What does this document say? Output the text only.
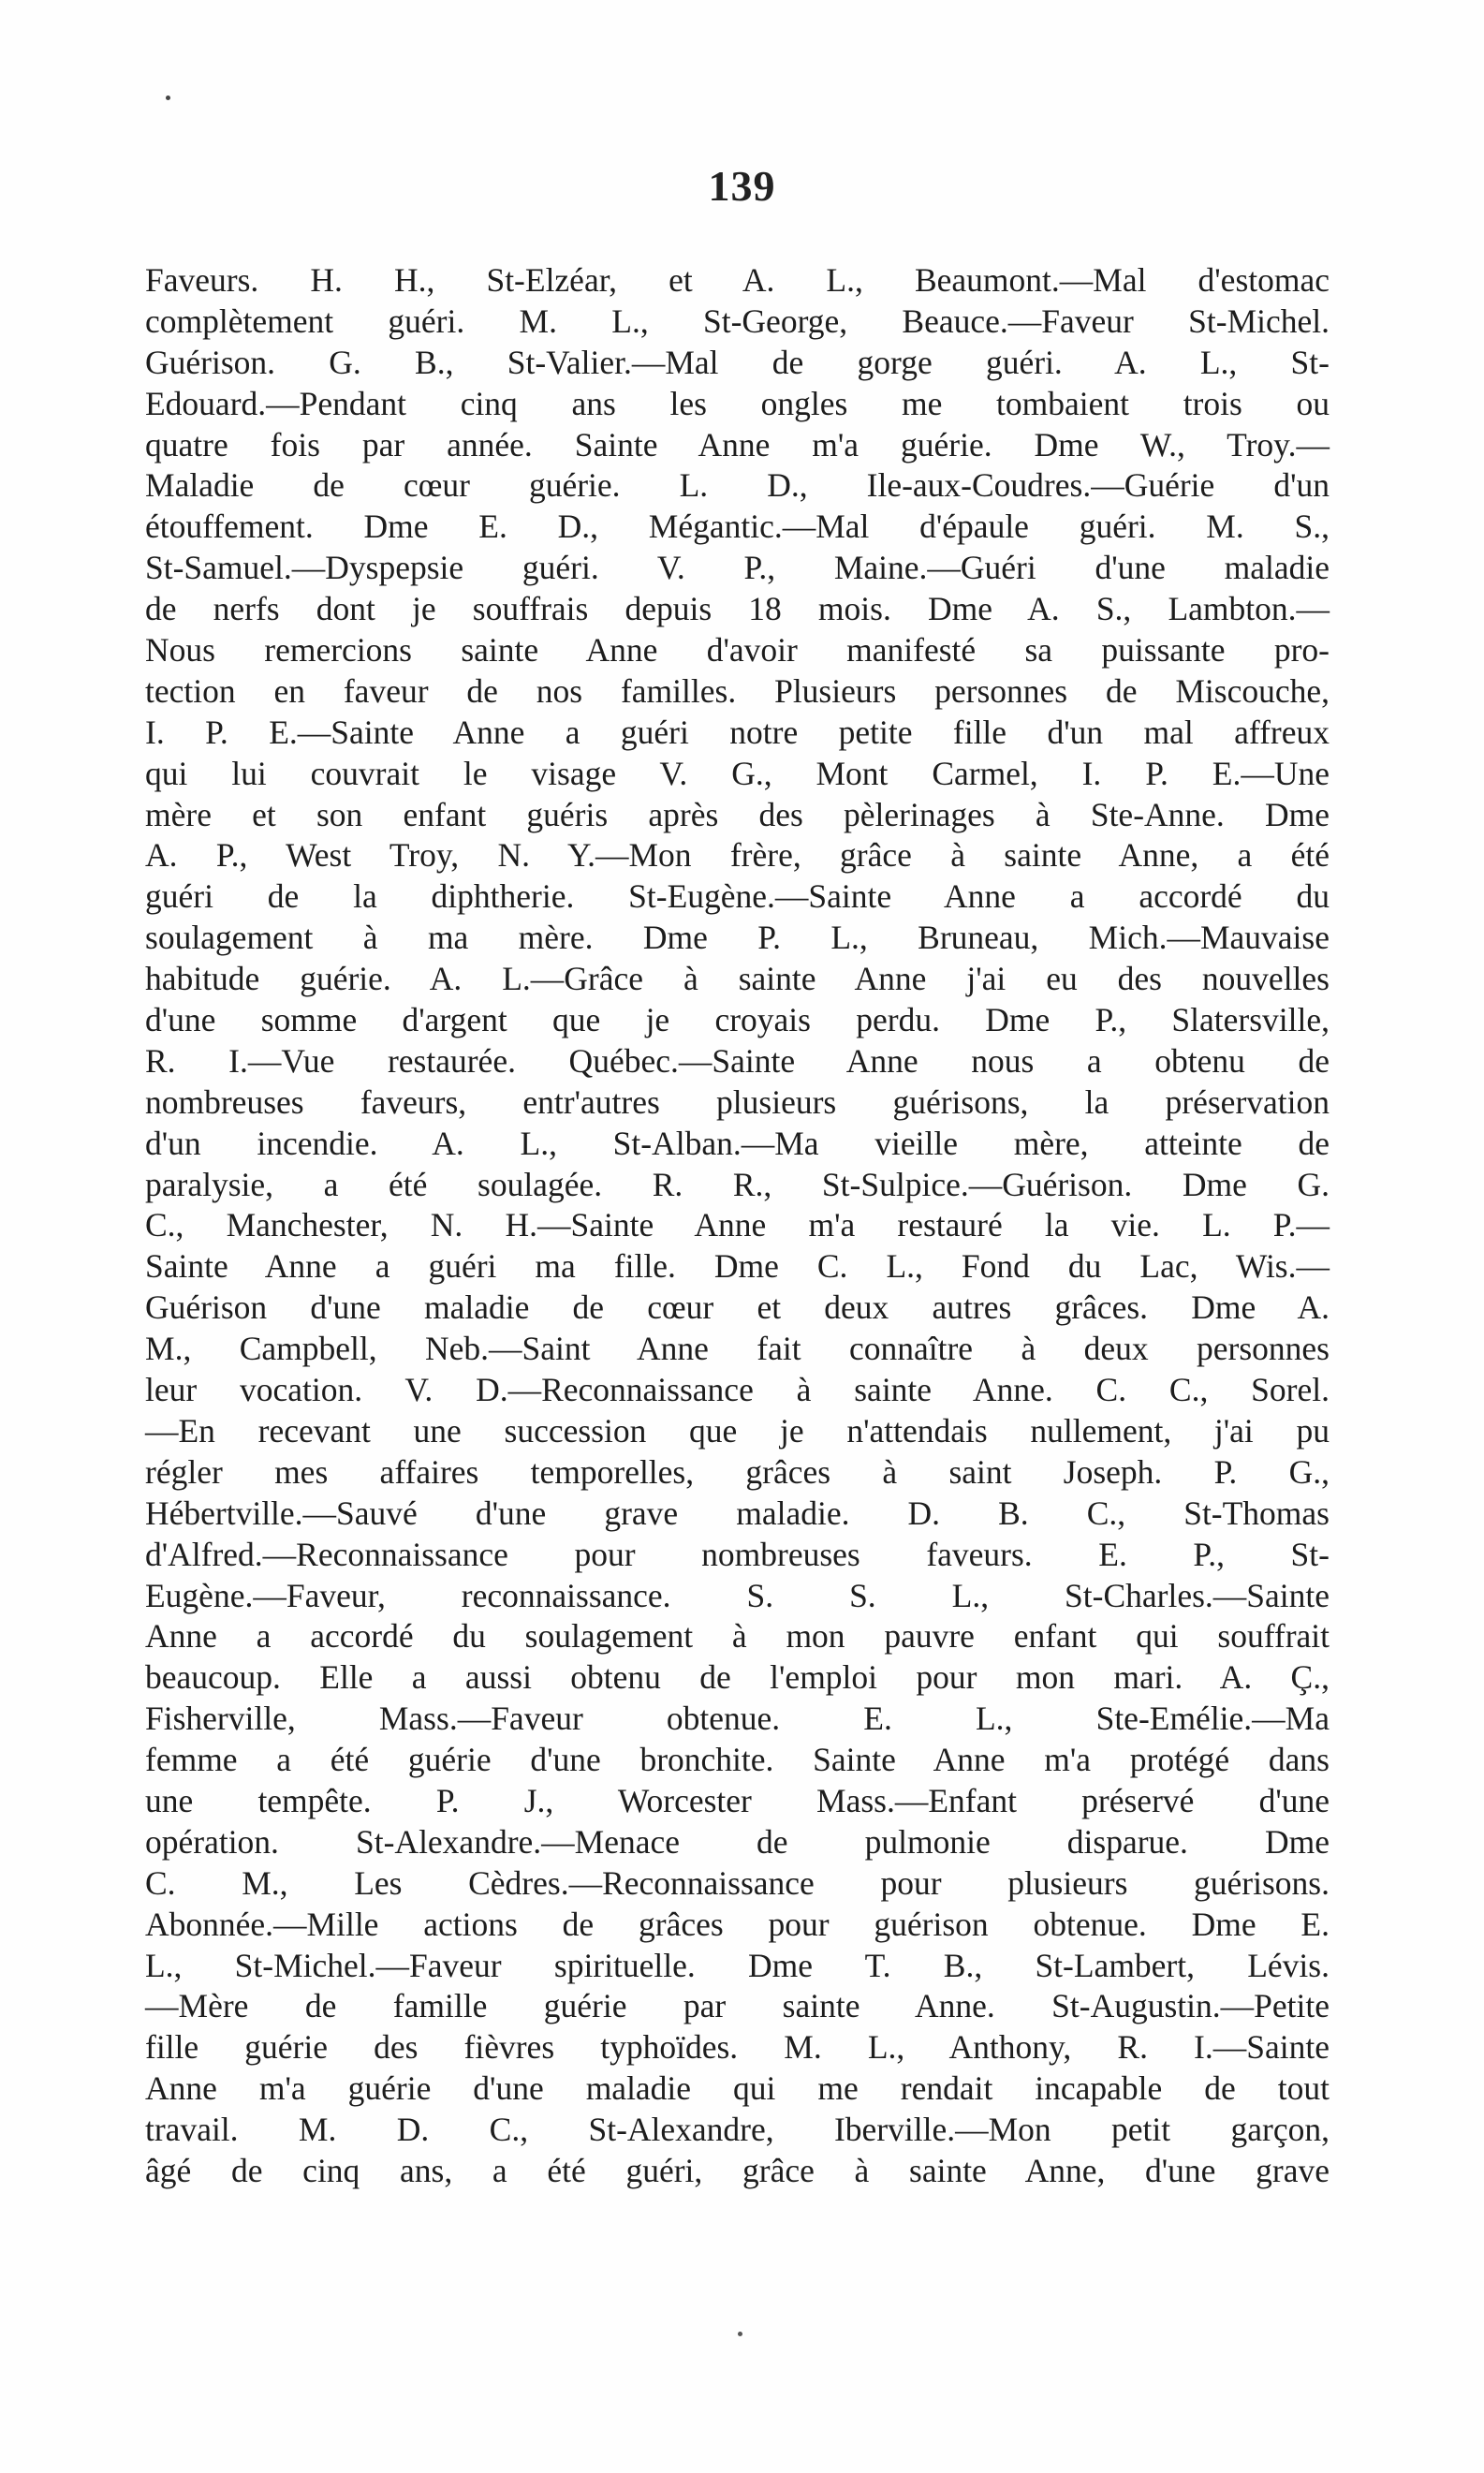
139
Faveurs. H. H., St-Elzéar, et A. L., Beaumont.—Mal d'estomac
complètement guéri. M. L., St-George, Beauce.—Faveur St-Michel.
Guérison. G. B., St-Valier.—Mal de gorge guéri. A. L., St-
Edouard.—Pendant cinq ans les ongles me tombaient trois ou
quatre fois par année. Sainte Anne m'a guérie. Dme W., Troy.—
Maladie de cœur guérie. L. D., Ile-aux-Coudres.—Guérie d'un
étouffement. Dme E. D., Mégantic.—Mal d'épaule guéri. M. S.,
St-Samuel.—Dyspepsie guéri. V. P., Maine.—Guéri d'une maladie
de nerfs dont je souffrais depuis 18 mois. Dme A. S., Lambton.—
Nous remercions sainte Anne d'avoir manifesté sa puissante pro-
tection en faveur de nos familles. Plusieurs personnes de Miscouche,
I. P. E.—Sainte Anne a guéri notre petite fille d'un mal affreux
qui lui couvrait le visage V. G., Mont Carmel, I. P. E.—Une
mère et son enfant guéris après des pèlerinages à Ste-Anne. Dme
A. P., West Troy, N. Y.—Mon frère, grâce à sainte Anne, a été
guéri de la diphtherie. St-Eugène.—Sainte Anne a accordé du
soulagement à ma mère. Dme P. L., Bruneau, Mich.—Mauvaise
habitude guérie. A. L.—Grâce à sainte Anne j'ai eu des nouvelles
d'une somme d'argent que je croyais perdu. Dme P., Slatersville,
R. I.—Vue restaurée. Québec.—Sainte Anne nous a obtenu de
nombreuses faveurs, entr'autres plusieurs guérisons, la préservation
d'un incendie. A. L., St-Alban.—Ma vieille mère, atteinte de
paralysie, a été soulagée. R. R., St-Sulpice.—Guérison. Dme G.
C., Manchester, N. H.—Sainte Anne m'a restauré la vie. L. P.—
Sainte Anne a guéri ma fille. Dme C. L., Fond du Lac, Wis.—
Guérison d'une maladie de cœur et deux autres grâces. Dme A.
M., Campbell, Neb.—Saint Anne fait connaître à deux personnes
leur vocation. V. D.—Reconnaissance à sainte Anne. C. C., Sorel.
—En recevant une succession que je n'attendais nullement, j'ai pu
régler mes affaires temporelles, grâces à saint Joseph. P. G.,
Hébertville.—Sauvé d'une grave maladie. D. B. C., St-Thomas
d'Alfred.—Reconnaissance pour nombreuses faveurs. E. P., St-
Eugène.—Faveur, reconnaissance. S. S. L., St-Charles.—Sainte
Anne a accordé du soulagement à mon pauvre enfant qui souffrait
beaucoup. Elle a aussi obtenu de l'emploi pour mon mari. A. Ç.,
Fisherville, Mass.—Faveur obtenue. E. L., Ste-Emélie.—Ma
femme a été guérie d'une bronchite. Sainte Anne m'a protégé dans
une tempête. P. J., Worcester Mass.—Enfant préservé d'une
opération. St-Alexandre.—Menace de pulmonie disparue. Dme
C. M., Les Cèdres.—Reconnaissance pour plusieurs guérisons.
Abonnée.—Mille actions de grâces pour guérison obtenue. Dme E.
L., St-Michel.—Faveur spirituelle. Dme T. B., St-Lambert, Lévis.
—Mère de famille guérie par sainte Anne. St-Augustin.—Petite
fille guérie des fièvres typhoïdes. M. L., Anthony, R. I.—Sainte
Anne m'a guérie d'une maladie qui me rendait incapable de tout
travail. M. D. C., St-Alexandre, Iberville.—Mon petit garçon,
âgé de cinq ans, a été guéri, grâce à sainte Anne, d'une grave
